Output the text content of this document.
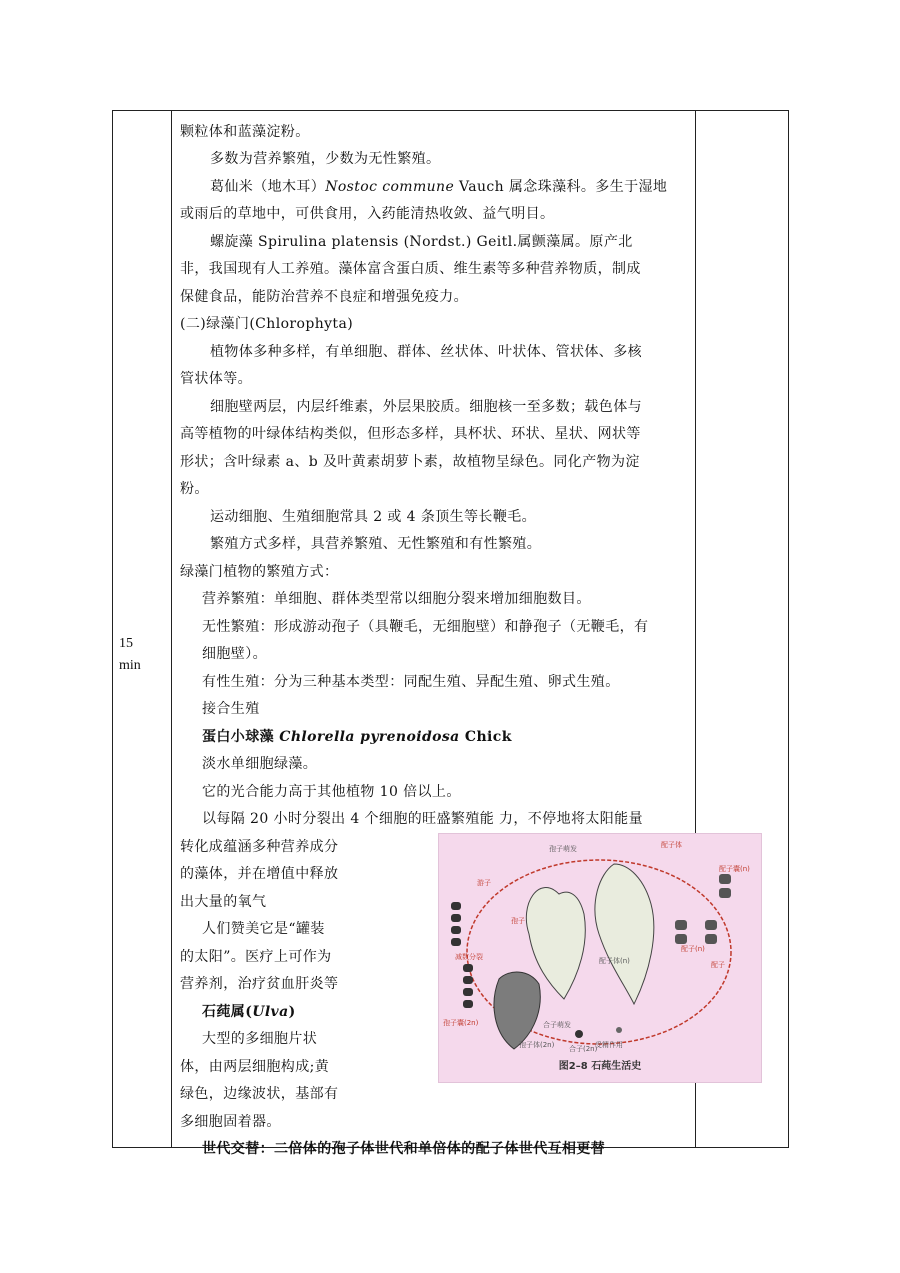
15
min
颗粒体和蓝藻淀粉。
多数为营养繁殖，少数为无性繁殖。
葛仙米（地木耳）Nostoc commune Vauch 属念珠藻科。多生于湿地
或雨后的草地中，可供食用，入药能清热收敛、益气明目。
螺旋藻 Spirulina platensis (Nordst.) Geitl.属颤藻属。原产北
非，我国现有人工养殖。藻体富含蛋白质、维生素等多种营养物质，制成
保健食品，能防治营养不良症和增强免疫力。
(二)绿藻门(Chlorophyta)
植物体多种多样，有单细胞、群体、丝状体、叶状体、管状体、多核
管状体等。
细胞壁两层，内层纤维素，外层果胶质。细胞核一至多数；载色体与
高等植物的叶绿体结构类似，但形态多样，具杯状、环状、星状、网状等
形状；含叶绿素 a、b 及叶黄素胡萝卜素，故植物呈绿色。同化产物为淀
粉。
运动细胞、生殖细胞常具 2 或 4 条顶生等长鞭毛。
繁殖方式多样，具营养繁殖、无性繁殖和有性繁殖。
绿藻门植物的繁殖方式：
营养繁殖：单细胞、群体类型常以细胞分裂来增加细胞数目。
无性繁殖：形成游动孢子（具鞭毛，无细胞壁）和静孢子（无鞭毛，有
细胞壁）。
有性生殖：分为三种基本类型：同配生殖、异配生殖、卵式生殖。
接合生殖
蛋白小球藻 Chlorella pyrenoidosa Chick
淡水单细胞绿藻。
它的光合能力高于其他植物 10 倍以上。
以每隔 20 小时分裂出 4 个细胞的旺盛繁殖能 力，不停地将太阳能量
转化成蕴涵多种营养成分
的藻体，并在增值中释放
出大量的氧气
人们赞美它是“罐装
的太阳”。医疗上可作为
营养剂，治疗贫血肝炎等
石莼属(Ulva)
大型的多细胞片状
体，由两层细胞构成;黄
绿色，边缘波状，基部有
多细胞固着器。
世代交替：二倍体的孢子体世代和单倍体的配子体世代互相更替
配子体
孢子萌发
游子
孢子
减数分裂	配子体(n)
配子囊(n)
配子
孢子囊(2n)
孢子体(2n)
合子萌发
合子(2n)
受精作用
配子(n)
图2–8 石莼生活史
